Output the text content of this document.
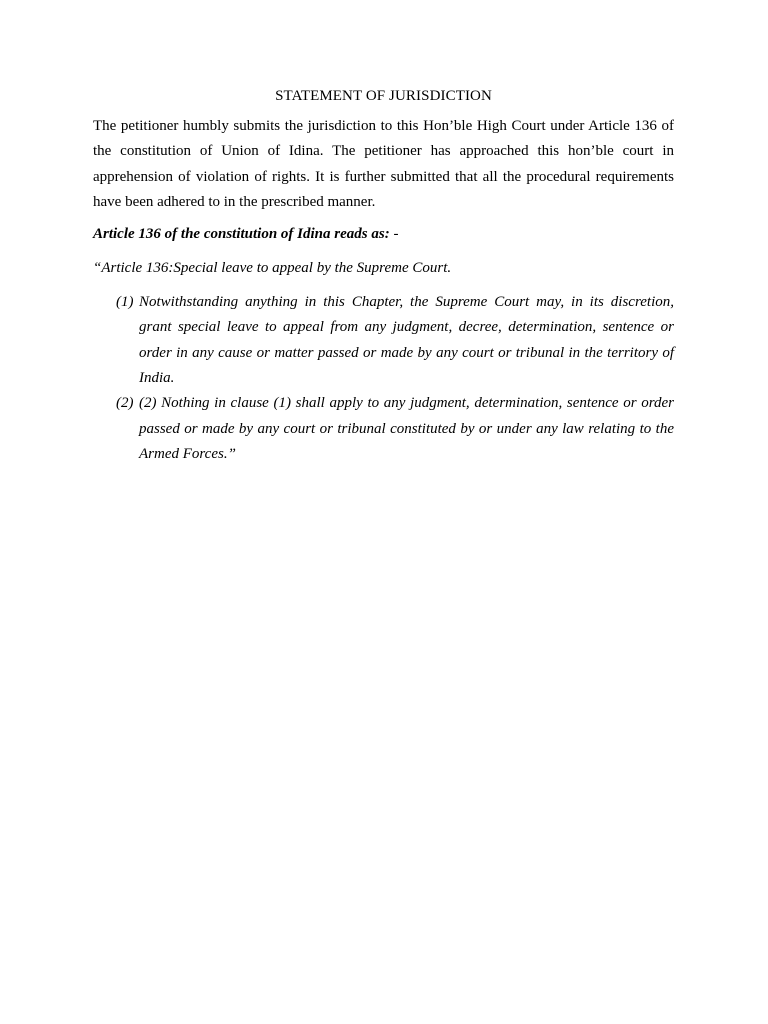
STATEMENT OF JURISDICTION

The petitioner humbly submits the jurisdiction to this Hon’ble High Court under Article 136 of the constitution of Union of Idina. The petitioner has approached this hon’ble court in apprehension of violation of rights. It is further submitted that all the procedural requirements have been adhered to in the prescribed manner.

Article 136 of the constitution of Idina reads as: -

“Article 136:Special leave to appeal by the Supreme Court.

(1) Notwithstanding anything in this Chapter, the Supreme Court may, in its discretion, grant special leave to appeal from any judgment, decree, determination, sentence or order in any cause or matter passed or made by any court or tribunal in the territory of India.
(2) (2) Nothing in clause (1) shall apply to any judgment, determination, sentence or order passed or made by any court or tribunal constituted by or under any law relating to the Armed Forces.”
